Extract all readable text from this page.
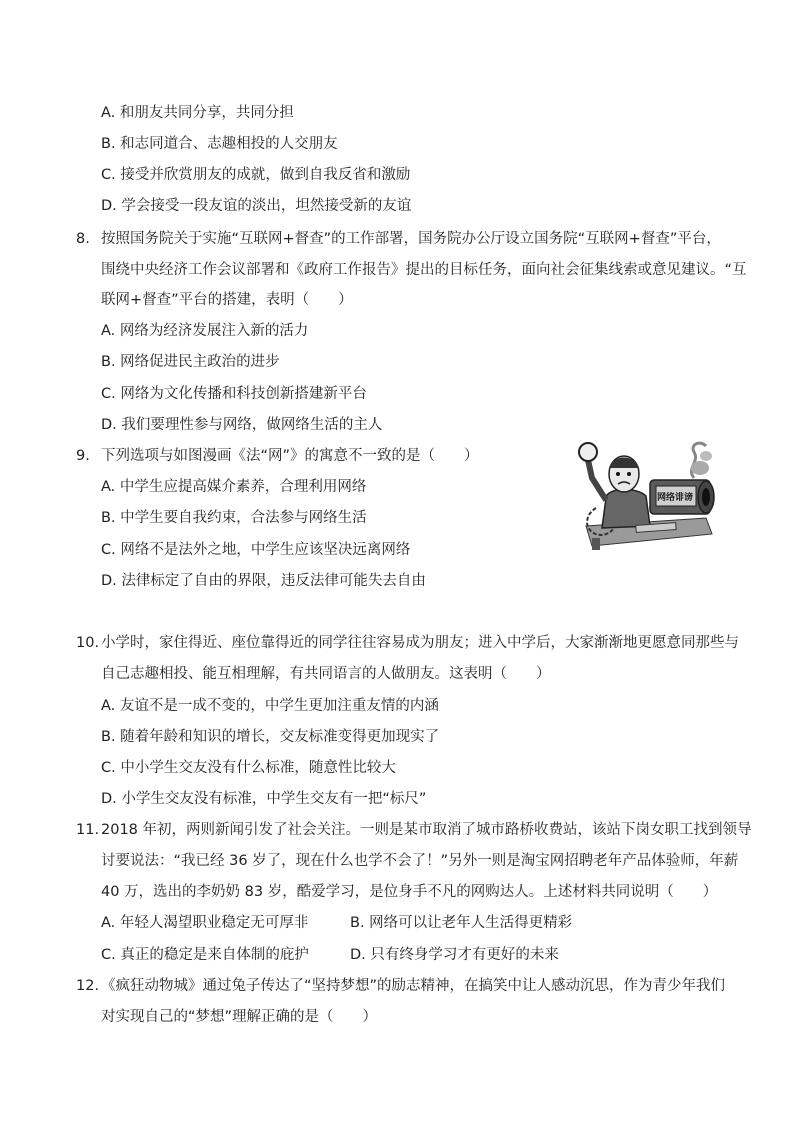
A. 和朋友共同分享，共同分担
B. 和志同道合、志趣相投的人交朋友
C. 接受并欣赏朋友的成就，做到自我反省和激励
D. 学会接受一段友谊的淡出，坦然接受新的友谊
8. 按照国务院关于实施“互联网+督查”的工作部署，国务院办公厅设立国务院“互联网+督查”平台，
围绕中央经济工作会议部署和《政府工作报告》提出的目标任务，面向社会征集线索或意见建议。“互
联网+督查”平台的搭建，表明（　　）
A. 网络为经济发展注入新的活力
B. 网络促进民主政治的进步
C. 网络为文化传播和科技创新搭建新平台
D. 我们要理性参与网络，做网络生活的主人
9. 下列选项与如图漫画《法“网”》的寓意不一致的是（　　）
A. 中学生应提高媒介素养，合理利用网络
B. 中学生要自我约束，合法参与网络生活
C. 网络不是法外之地，中学生应该坚决远离网络
D. 法律标定了自由的界限，违反法律可能失去自由
网络诽谤
10. 小学时，家住得近、座位靠得近的同学往往容易成为朋友；进入中学后，大家渐渐地更愿意同那些与
自己志趣相投、能互相理解，有共同语言的人做朋友。这表明（　　）
A. 友谊不是一成不变的，中学生更加注重友情的内涵
B. 随着年龄和知识的增长，交友标准变得更加现实了
C. 中小学生交友没有什么标准，随意性比较大
D. 小学生交友没有标准，中学生交友有一把“标尺”
11. 2018 年初，两则新闻引发了社会关注。一则是某市取消了城市路桥收费站，该站下岗女职工找到领导
讨要说法：“我已经 36 岁了，现在什么也学不会了！”另外一则是淘宝网招聘老年产品体验师，年薪
40 万，选出的李奶奶 83 岁，酷爱学习，是位身手不凡的网购达人。上述材料共同说明（　　）
A. 年轻人渴望职业稳定无可厚非	B. 网络可以让老年人生活得更精彩
C. 真正的稳定是来自体制的庇护	D. 只有终身学习才有更好的未来
12. 《疯狂动物城》通过兔子传达了“坚持梦想”的励志精神，在搞笑中让人感动沉思，作为青少年我们
对实现自己的“梦想”理解正确的是（　　）
